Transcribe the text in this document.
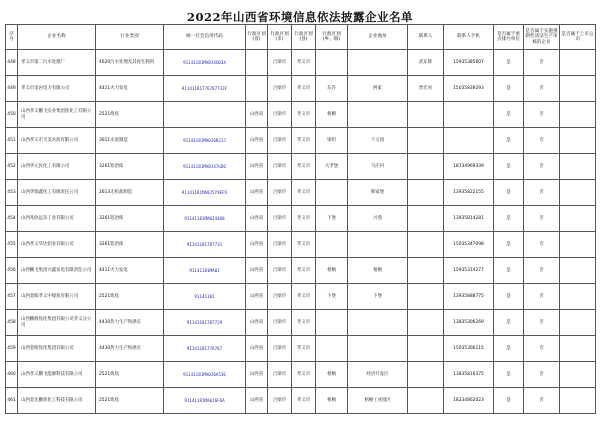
2022年山西省环境信息依法披露企业名单
序号	企业名称	行业类别	统一社会信用代码	行政区划(省)	行政区划(市)	行政区划(县)	行政区划(乡、镇)	企业地址	联系人	联系人手机	是否属于重点排污单位	是否属于实施强制性清洁生产审核的企业	是否属于上市公司
448	孝义市第二污水处理厂	4620污水处理及其再生利用	91141181MA0J4GD3X		吕梁市	孝义市			武东辉	15935385607	是	否	
449	孝义市金岩电力有限公司	4411火力发电	91141181776787733F		吕梁市	孝义市	东许	阿家	贾光亮	15035839293	是	否	
450	山西孝义鹏飞实业集团焦化工有限公司	2521炼焦		山西省	吕梁市	孝义市	梧桐				是	否	
451	山西孝义市天美水泥有限公司	3011水泥制造	91141181MA0J6RJ1J	山西省	吕梁市	孝义市	梁坦	下义园			是	否	
452	山西华元民化工有限公司	3261铝冶炼	91141181MA0J47GD6	山西省	吕梁市	孝义市	大孝堡	马庄村		18734969339	是	否	
453	山西华瑞鑫化工有限责任公司	2613无机盐制造	91141181MA0J5Y9EP3	山西省	吕梁市	孝义市		韩家堡		13935822155	是	否	
454	山西兆欣远东工业有限公司	3261铝冶炼	91141181MA0J44U8	山西省	吕梁市	孝义市	下堡	兴苑		13935814281	是	否	
455	山西孝义华达铝业有限公司	3261铝冶炼	91141181787731	山西省	吕梁市	孝义市				15035347098	是	否	
456	山西鹏飞集团兴鑫发电有限责任公司	4411火力发电	91141181MA0J	山西省	吕梁市	孝义市	梧桐	梧桐		15935314277	是	否	
457	山西金晖孝义中煤焦有限公司	2521炼焦	91141181	山西省	吕梁市	孝义市	下堡	下堡		13935888775	是	否	
458	山西鹏源焦化集团有限公司孝义分公司	4430热力生产和供应	91141181787729	山西省	吕梁市	孝义市				13835306269	是	否	
459	山西金晖焦化集团有限公司	4430热力生产和供应	91141181776787	山西省	吕梁市	孝义市				15035306115	是	否	
460	山西孝义鹏飞能源科技有限公司	2521炼焦	91141181MA0J6A53E	山西省	吕梁市	孝义市	梧桐	经济开发区		13835816375	是	否	
461	山西金达鹏焦化工科技有限公司	2521炼焦	91141181MA0J6F6A	山西省	吕梁市	孝义市	梧桐	梧桐工业园区		18234862023	是	否	
